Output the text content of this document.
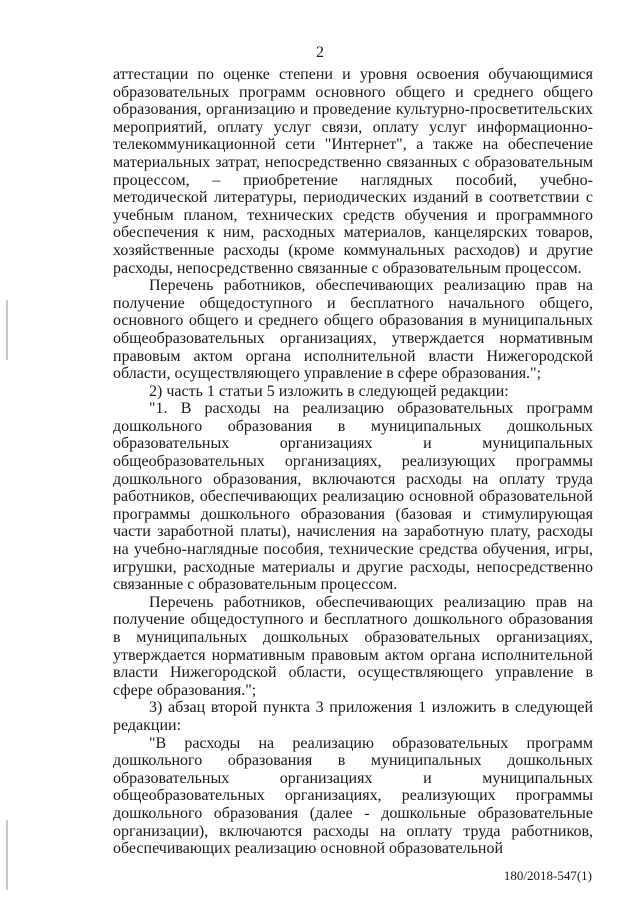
2

аттестации по оценке степени и уровня освоения обучающимися образовательных программ основного общего и среднего общего образования, организацию и проведение культурно-просветительских мероприятий, оплату услуг связи, оплату услуг информационно-телекоммуникационной сети "Интернет", а также на обеспечение материальных затрат, непосредственно связанных с образовательным процессом, – приобретение наглядных пособий, учебно-методической литературы, периодических изданий в соответствии с учебным планом, технических средств обучения и программного обеспечения к ним, расходных материалов, канцелярских товаров, хозяйственные расходы (кроме коммунальных расходов) и другие расходы, непосредственно связанные с образовательным процессом.

Перечень работников, обеспечивающих реализацию прав на получение общедоступного и бесплатного начального общего, основного общего и среднего общего образования в муниципальных общеобразовательных организациях, утверждается нормативным правовым актом органа исполнительной власти Нижегородской области, осуществляющего управление в сфере образования.";

2) часть 1 статьи 5 изложить в следующей редакции:

"1. В расходы на реализацию образовательных программ дошкольного образования в муниципальных дошкольных образовательных организациях и муниципальных общеобразовательных организациях, реализующих программы дошкольного образования, включаются расходы на оплату труда работников, обеспечивающих реализацию основной образовательной программы дошкольного образования (базовая и стимулирующая части заработной платы), начисления на заработную плату, расходы на учебно-наглядные пособия, технические средства обучения, игры, игрушки, расходные материалы и другие расходы, непосредственно связанные с образовательным процессом.

Перечень работников, обеспечивающих реализацию прав на получение общедоступного и бесплатного дошкольного образования в муниципальных дошкольных образовательных организациях, утверждается нормативным правовым актом органа исполнительной власти Нижегородской области, осуществляющего управление в сфере образования.";

3) абзац второй пункта 3 приложения 1 изложить в следующей редакции:

"В расходы на реализацию образовательных программ дошкольного образования в муниципальных дошкольных образовательных организациях и муниципальных общеобразовательных организациях, реализующих программы дошкольного образования (далее - дошкольные образовательные организации), включаются расходы на оплату труда работников, обеспечивающих реализацию основной образовательной

180/2018-547(1)
